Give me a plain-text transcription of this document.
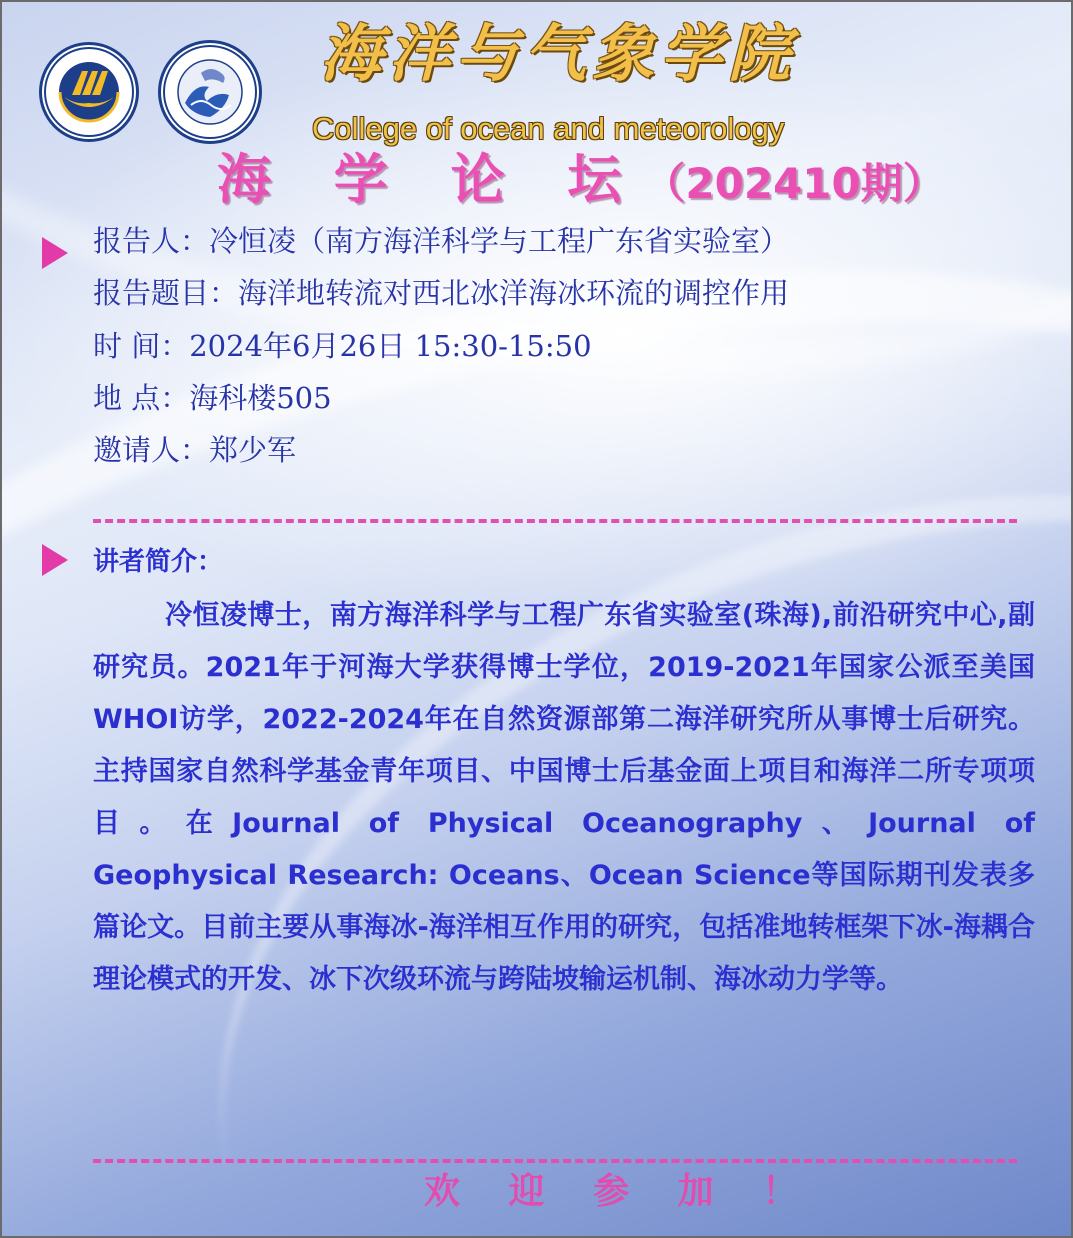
海洋与气象学院
College of ocean and meteorology
海 学 论 坛（202410期）
报告人：冷恒凌（南方海洋科学与工程广东省实验室）
报告题目：海洋地转流对西北冰洋海冰环流的调控作用
时 间：2024年6月26日 15:30-15:50
地 点：海科楼505
邀请人：郑少军
讲者简介：

冷恒凌博士，南方海洋科学与工程广东省实验室(珠海),前沿研究中心,副研究员。2021年于河海大学获得博士学位，2019-2021年国家公派至美国WHOI访学，2022-2024年在自然资源部第二海洋研究所从事博士后研究。主持国家自然科学基金青年项目、中国博士后基金面上项目和海洋二所专项项目。在Journal of Physical Oceanography、Journal of Geophysical Research: Oceans、Ocean Science等国际期刊发表多篇论文。目前主要从事海冰-海洋相互作用的研究，包括准地转框架下冰-海耦合理论模式的开发、冰下次级环流与跨陆坡输运机制、海冰动力学等。

欢 迎 参 加 ！
